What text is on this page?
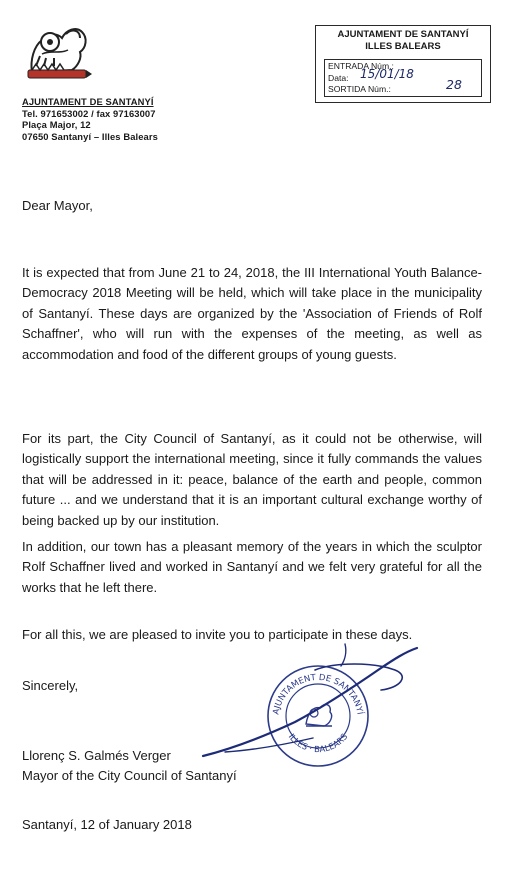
AJUNTAMENT DE SANTANYÍ
Tel. 971653002 / fax 97163007
Plaça Major, 12
07650 Santanyí – Illes Balears
AJUNTAMENT DE SANTANYÍ
ILLES BALEARS
ENTRADA Núm.:
Data: 15/01/18
SORTIDA Núm.:	28
Dear Mayor,

It is expected that from June 21 to 24, 2018, the III International Youth Balance-Democracy 2018 Meeting will be held, which will take place in the municipality of Santanyí. These days are organized by the 'Association of Friends of Rolf Schaffner', who will run with the expenses of the meeting, as well as accommodation and food of the different groups of young guests.

For its part, the City Council of Santanyí, as it could not be otherwise, will logistically support the international meeting, since it fully commands the values that will be addressed in it: peace, balance of the earth and people, common future ... and we understand that it is an important cultural exchange worthy of being backed up by our institution.

In addition, our town has a pleasant memory of the years in which the sculptor Rolf Schaffner lived and worked in Santanyí and we felt very grateful for all the works that he left there.

For all this, we are pleased to invite you to participate in these days.

Sincerely,
AJUNTAMENT DE SANTANYÍ
ILLES · BALEARS
Llorenç S. Galmés Verger
Mayor of the City Council of Santanyí
Santanyí, 12 of January 2018
